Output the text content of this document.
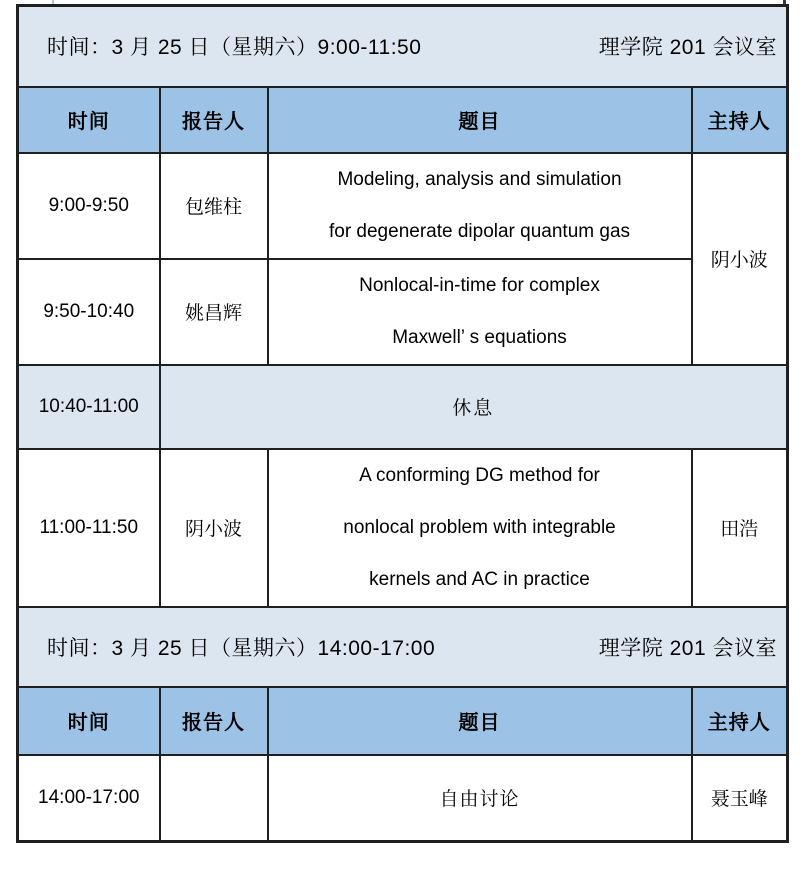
时间：3 月 25 日（星期六）9:00-11:50 理学院 201 会议室			

时间	报告人	题目	主持人
9:00-9:50	包维柱	Modeling, analysis and simulation
for degenerate dipolar quantum gas	阴小波
9:50-10:40	姚昌辉	Nonlocal-in-time for complex
Maxwell’ s equations	

10:40-11:00	休息		
11:00-11:50	阴小波	A conforming DG method for
nonlocal problem with integrable
kernels and AC in practice	田浩

时间：3 月 25 日（星期六）14:00-17:00 理学院 201 会议室			

时间	报告人	题目	主持人
14:00-17:00		自由讨论	聂玉峰
